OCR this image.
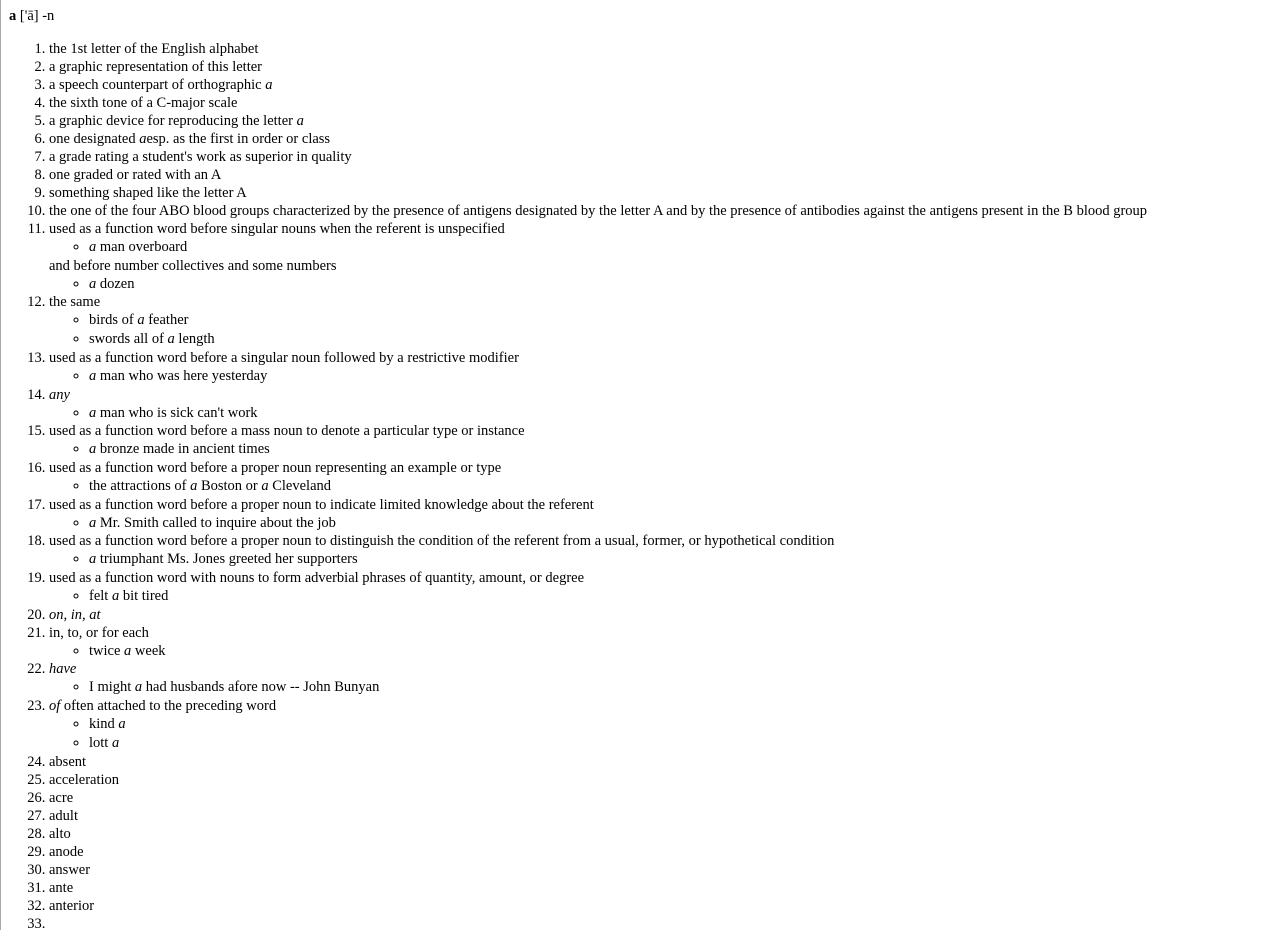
a ['ā] -n
1. the 1st letter of the English alphabet
2. a graphic representation of this letter
3. a speech counterpart of orthographic a
4. the sixth tone of a C-major scale
5. a graphic device for reproducing the letter a
6. one designated aesp. as the first in order or class
7. a grade rating a student's work as superior in quality
8. one graded or rated with an A
9. something shaped like the letter A
10. the one of the four ABO blood groups characterized by the presence of antigens designated by the letter A and by the presence of antibodies against the antigens present in the B blood group
11. used as a function word before singular nouns when the referent is unspecified
◦ a man overboard
and before number collectives and some numbers
◦ a dozen
12. the same
◦ birds of a feather
◦ swords all of a length
13. used as a function word before a singular noun followed by a restrictive modifier
◦ a man who was here yesterday
14. any
◦ a man who is sick can't work
15. used as a function word before a mass noun to denote a particular type or instance
◦ a bronze made in ancient times
16. used as a function word before a proper noun representing an example or type
◦ the attractions of a Boston or a Cleveland
17. used as a function word before a proper noun to indicate limited knowledge about the referent
◦ a Mr. Smith called to inquire about the job
18. used as a function word before a proper noun to distinguish the condition of the referent from a usual, former, or hypothetical condition
◦ a triumphant Ms. Jones greeted her supporters
19. used as a function word with nouns to form adverbial phrases of quantity, amount, or degree
◦ felt a bit tired
20. on, in, at
21. in, to, or for each
◦ twice a week
22. have
◦ I might a had husbands afore now -- John Bunyan
23. of often attached to the preceding word
◦ kind a
◦ lott a
24. absent
25. acceleration
26. acre
27. adult
28. alto
29. anode
30. answer
31. ante
32. anterior
33.
